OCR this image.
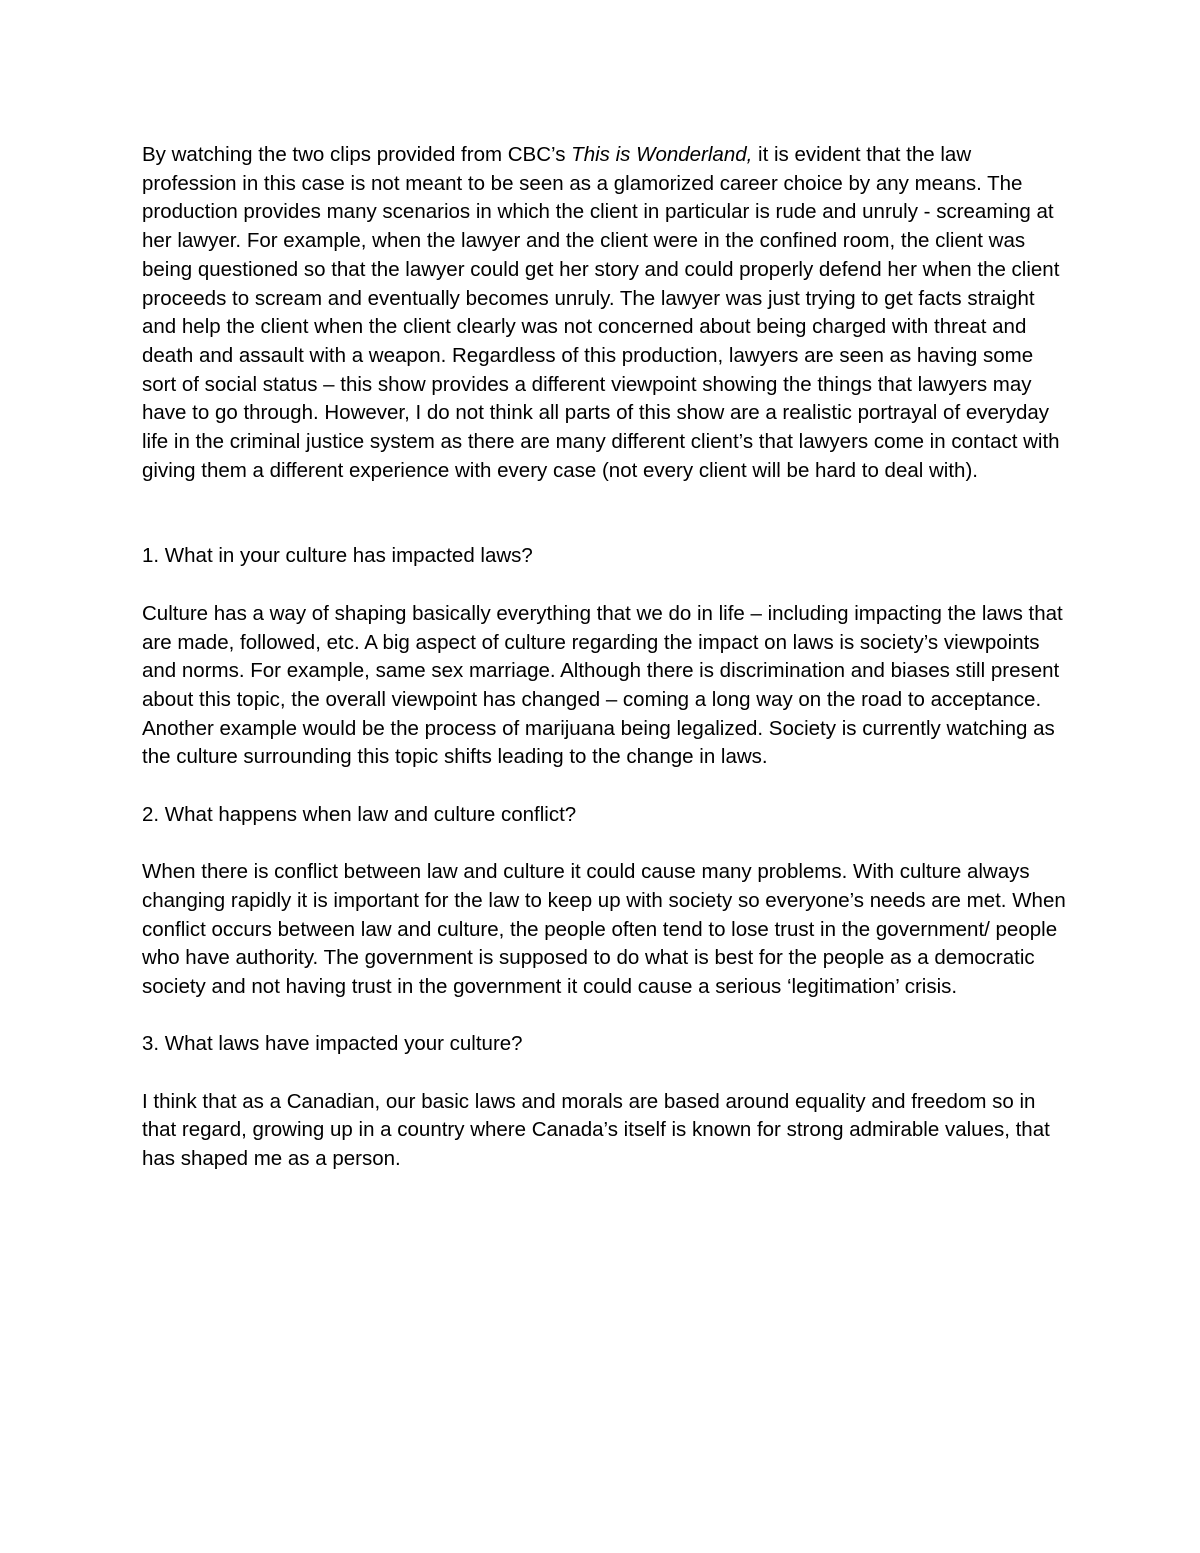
By watching the two clips provided from CBC’s This is Wonderland, it is evident that the law profession in this case is not meant to be seen as a glamorized career choice by any means. The production provides many scenarios in which the client in particular is rude and unruly - screaming at her lawyer. For example, when the lawyer and the client were in the confined room, the client was being questioned so that the lawyer could get her story and could properly defend her when the client proceeds to scream and eventually becomes unruly. The lawyer was just trying to get facts straight and help the client when the client clearly was not concerned about being charged with threat and death and assault with a weapon. Regardless of this production, lawyers are seen as having some sort of social status – this show provides a different viewpoint showing the things that lawyers may have to go through. However, I do not think all parts of this show are a realistic portrayal of everyday life in the criminal justice system as there are many different client’s that lawyers come in contact with giving them a different experience with every case (not every client will be hard to deal with).

1. What in your culture has impacted laws?

Culture has a way of shaping basically everything that we do in life – including impacting the laws that are made, followed, etc. A big aspect of culture regarding the impact on laws is society’s viewpoints and norms. For example, same sex marriage. Although there is discrimination and biases still present about this topic, the overall viewpoint has changed – coming a long way on the road to acceptance. Another example would be the process of marijuana being legalized. Society is currently watching as the culture surrounding this topic shifts leading to the change in laws.

2. What happens when law and culture conflict?

When there is conflict between law and culture it could cause many problems. With culture always changing rapidly it is important for the law to keep up with society so everyone’s needs are met. When conflict occurs between law and culture, the people often tend to lose trust in the government/ people who have authority. The government is supposed to do what is best for the people as a democratic society and not having trust in the government it could cause a serious ‘legitimation’ crisis.

3. What laws have impacted your culture?

I think that as a Canadian, our basic laws and morals are based around equality and freedom so in that regard, growing up in a country where Canada’s itself is known for strong admirable values, that has shaped me as a person.
